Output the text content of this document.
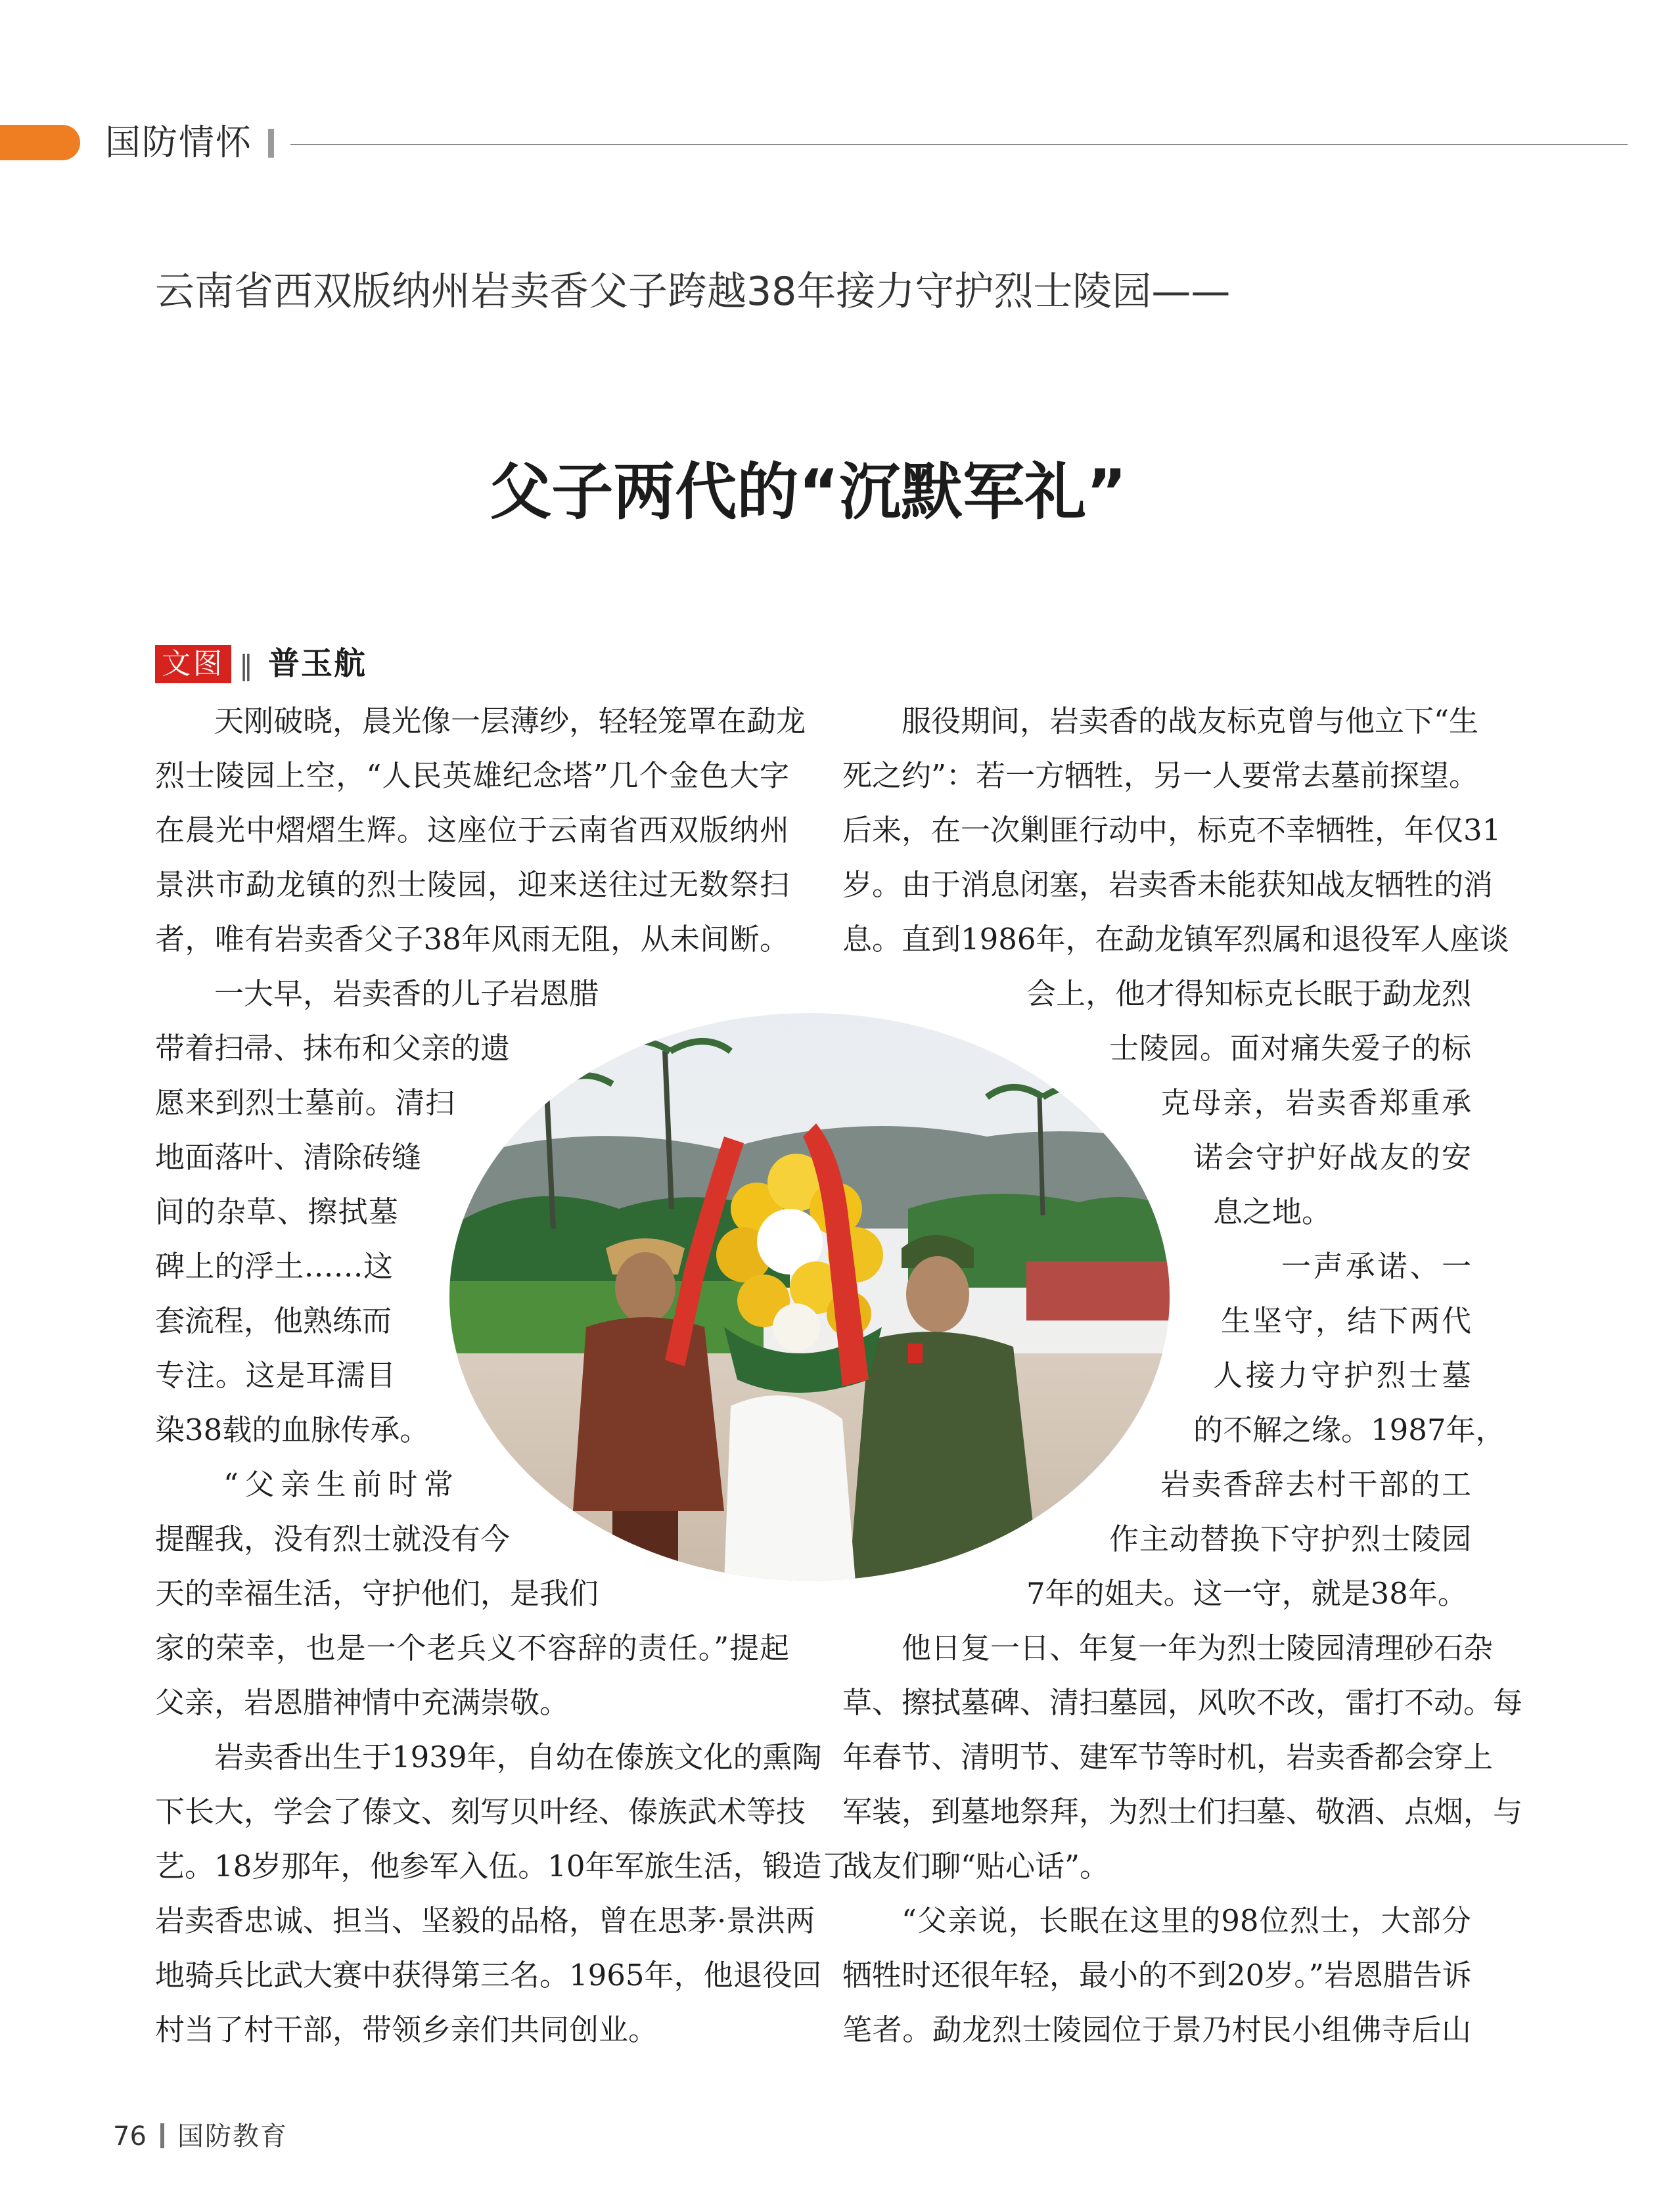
国防情怀
云南省西双版纳州岩卖香父子跨越38年接力守护烈士陵园——
父子两代的“沉默军礼”
文图 ‖ 普玉航
天刚破晓，晨光像一层薄纱，轻轻笼罩在勐龙
烈士陵园上空，“人民英雄纪念塔”几个金色大字
在晨光中熠熠生辉。这座位于云南省西双版纳州
景洪市勐龙镇的烈士陵园，迎来送往过无数祭扫
者，唯有岩卖香父子38年风雨无阻，从未间断。
一大早，岩卖香的儿子岩恩腊
带着扫帚、抹布和父亲的遗
愿来到烈士墓前。清扫
地面落叶、清除砖缝
间的杂草、擦拭墓
碑上的浮土……这
套流程，他熟练而
专注。这是耳濡目
染38载的血脉传承。
“父亲生前时常
提醒我，没有烈士就没有今
天的幸福生活，守护他们，是我们
家的荣幸，也是一个老兵义不容辞的责任。”提起
父亲，岩恩腊神情中充满崇敬。
岩卖香出生于1939年，自幼在傣族文化的熏陶
下长大，学会了傣文、刻写贝叶经、傣族武术等技
艺。18岁那年，他参军入伍。10年军旅生活，锻造了
岩卖香忠诚、担当、坚毅的品格，曾在思茅·景洪两
地骑兵比武大赛中获得第三名。1965年，他退役回
村当了村干部，带领乡亲们共同创业。
服役期间，岩卖香的战友标克曾与他立下“生
死之约”：若一方牺牲，另一人要常去墓前探望。
后来，在一次剿匪行动中，标克不幸牺牲，年仅31
岁。由于消息闭塞，岩卖香未能获知战友牺牲的消
息。直到1986年，在勐龙镇军烈属和退役军人座谈
会上，他才得知标克长眠于勐龙烈
士陵园。面对痛失爱子的标
克母亲，岩卖香郑重承
诺会守护好战友的安
息之地。
一声承诺、一
生坚守，结下两代
人接力守护烈士墓
的不解之缘。1987年，
岩卖香辞去村干部的工
作主动替换下守护烈士陵园
7年的姐夫。这一守，就是38年。
他日复一日、年复一年为烈士陵园清理砂石杂
草、擦拭墓碑、清扫墓园，风吹不改，雷打不动。每
年春节、清明节、建军节等时机，岩卖香都会穿上
军装，到墓地祭拜，为烈士们扫墓、敬酒、点烟，与
战友们聊“贴心话”。
“父亲说，长眠在这里的98位烈士，大部分
牺牲时还很年轻，最小的不到20岁。”岩恩腊告诉
笔者。勐龙烈士陵园位于景乃村民小组佛寺后山
76 国防教育
